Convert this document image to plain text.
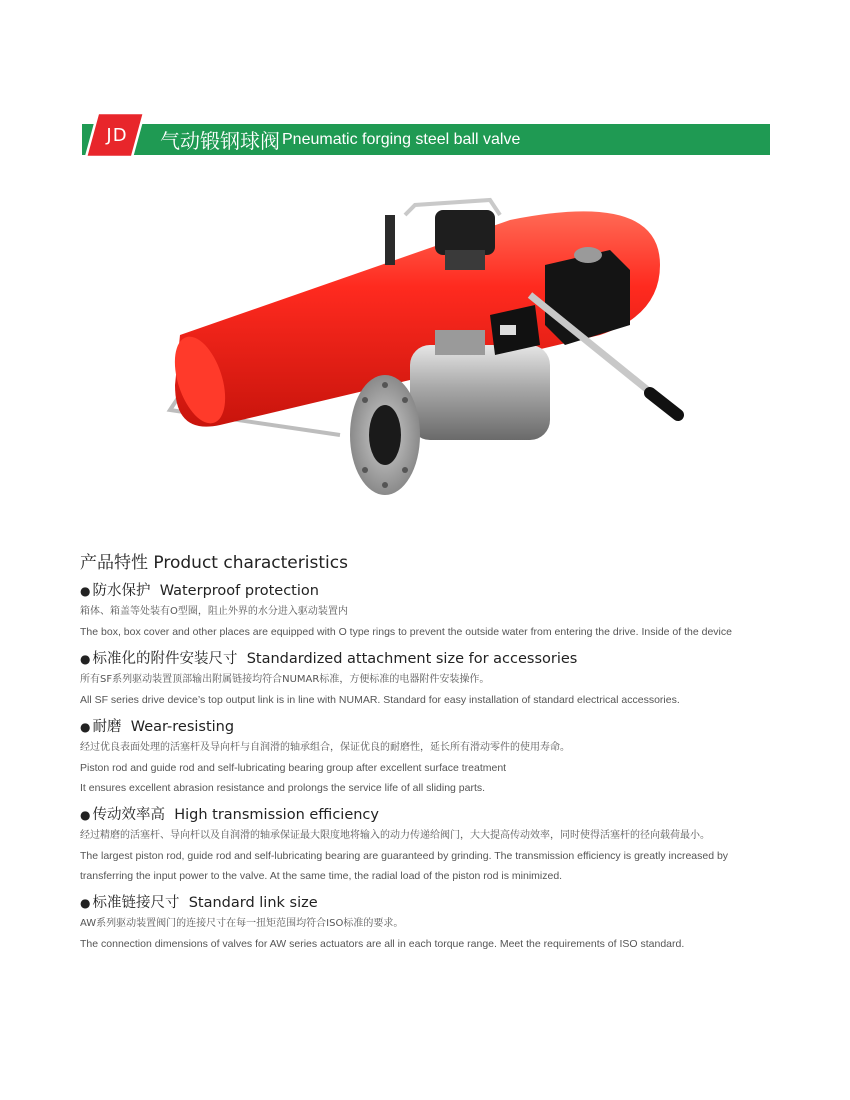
JD	气动锻钢球阀 Pneumatic forging steel ball valve
产品特性 Product characteristics
● 防水保护 Waterproof protection
箱体、箱盖等处装有O型圈，阻止外界的水分进入驱动装置内
The box, box cover and other places are equipped with O type rings to prevent the outside water from entering the drive. Inside of the device
● 标准化的附件安装尺寸 Standardized attachment size for accessories
所有SF系列驱动装置顶部输出附属链接均符合NUMAR标准，方便标准的电器附件安装操作。
All SF series drive device’s top output link is in line with NUMAR. Standard for easy installation of standard electrical accessories.
● 耐磨 Wear-resisting
经过优良表面处理的活塞杆及导向杆与自润滑的轴承组合，保证优良的耐磨性，延长所有滑动零件的使用寿命。
Piston rod and guide rod and self-lubricating bearing group after excellent surface treatment
It ensures excellent abrasion resistance and prolongs the service life of all sliding parts.
● 传动效率高 High transmission efficiency
经过精磨的活塞杆、导向杆以及自润滑的轴承保证最大限度地将输入的动力传递给阀门，大大提高传动效率，同时使得活塞杆的径向载荷最小。
The largest piston rod, guide rod and self-lubricating bearing are guaranteed by grinding. The transmission efficiency is greatly increased by transferring the input power to the valve. At the same time, the radial load of the piston rod is minimized.
● 标准链接尺寸 Standard link size
AW系列驱动装置阀门的连接尺寸在每一扭矩范围均符合ISO标准的要求。
The connection dimensions of valves for AW series actuators are all in each torque range. Meet the requirements of ISO standard.
